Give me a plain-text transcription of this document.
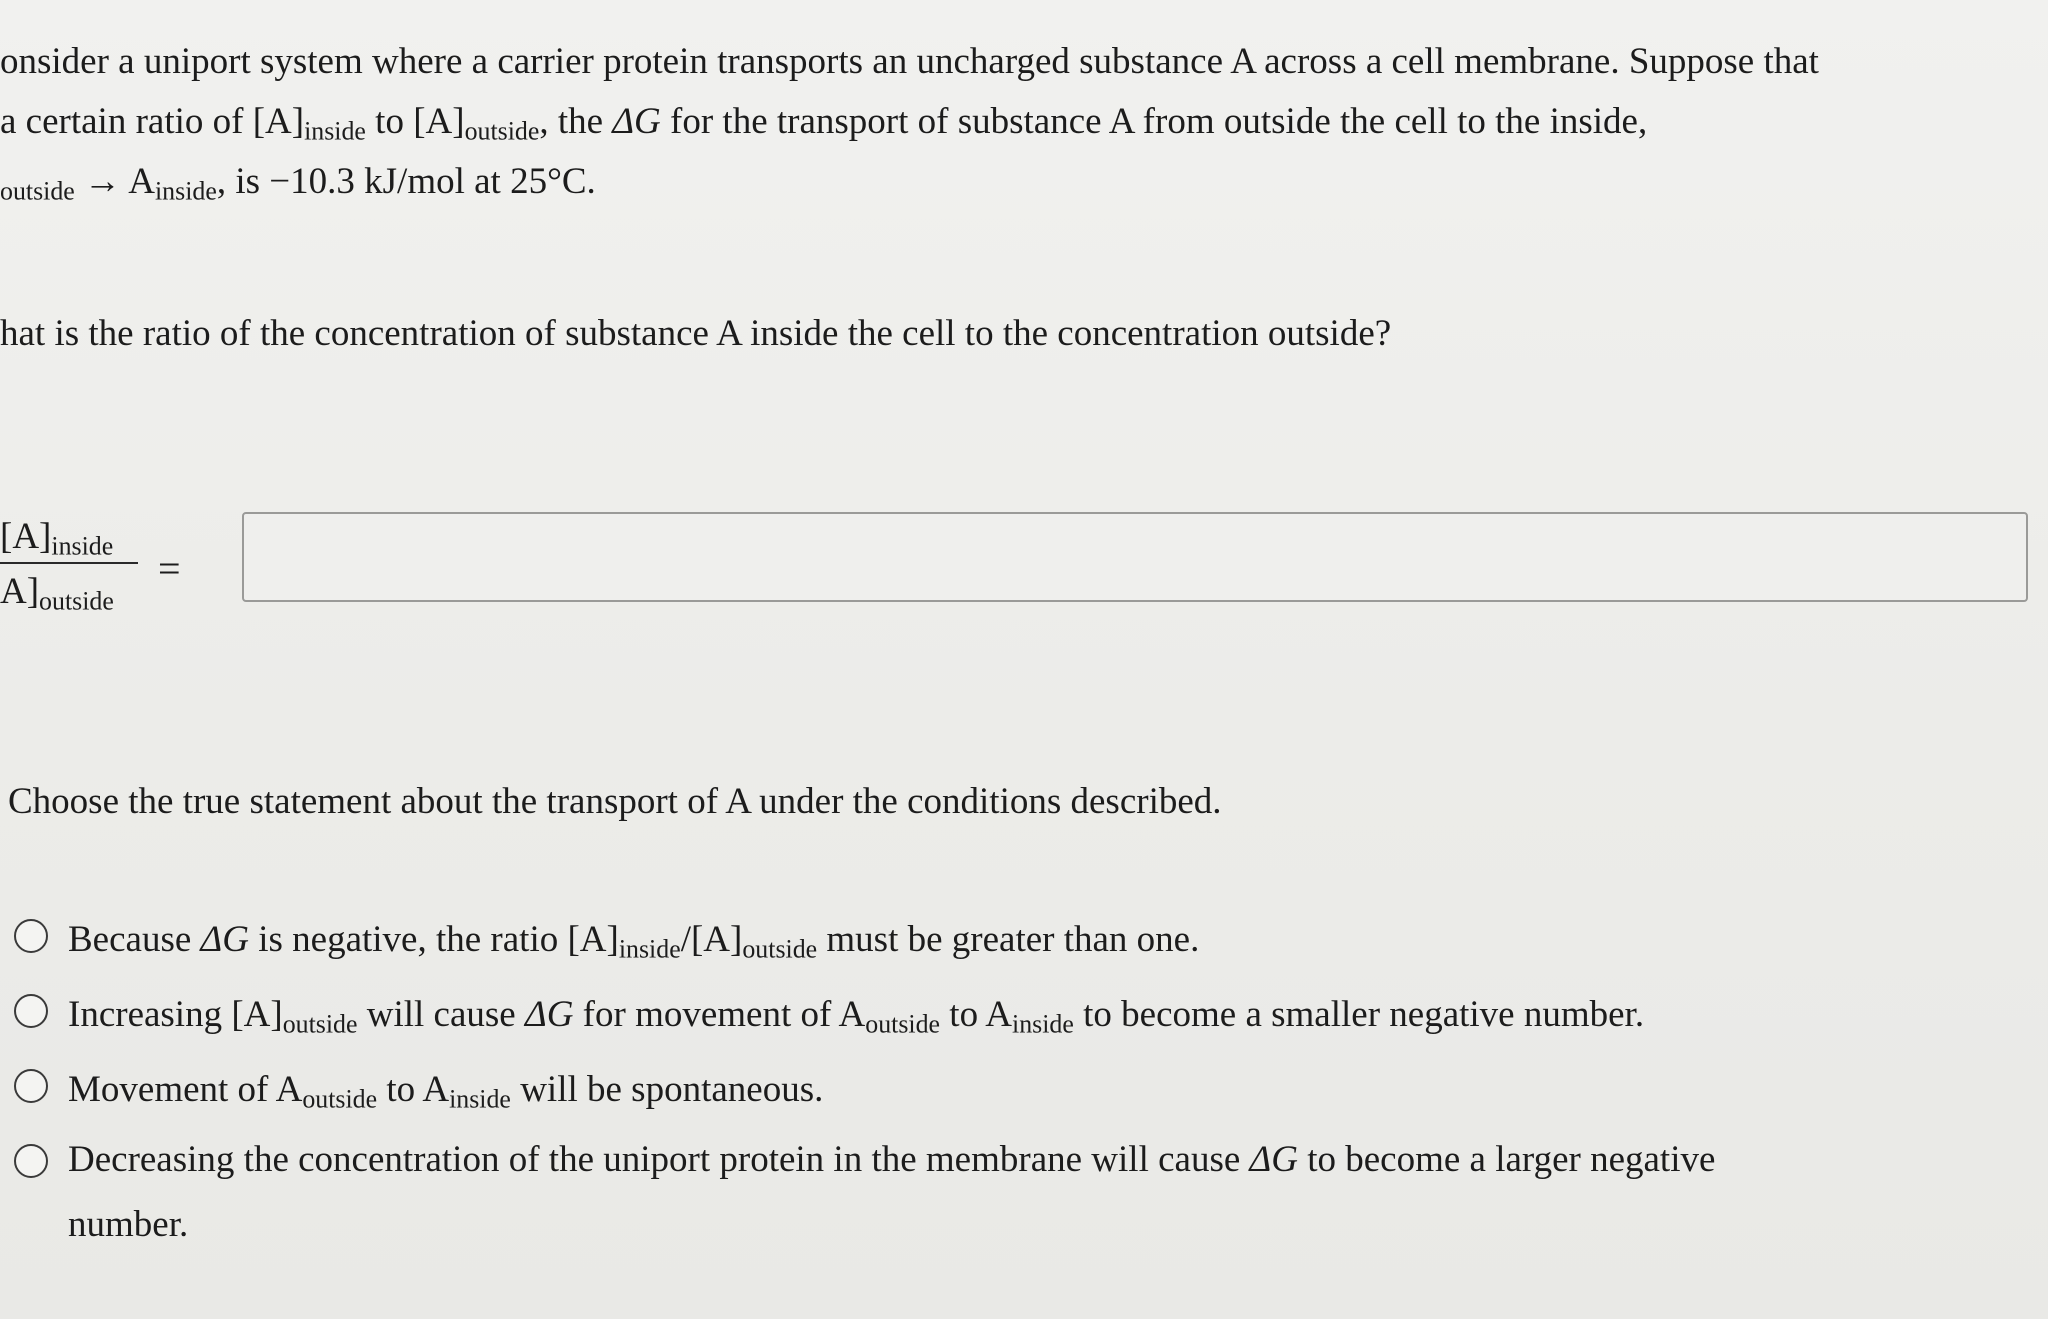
onsider a uniport system where a carrier protein transports an uncharged substance A across a cell membrane. Suppose that
a certain ratio of $[A]_{inside}$ to $[A]_{outside}$, the ΔG for the transport of substance A from outside the cell to the inside,
$_{outside} \to A_{inside}$, is −10.3 kJ/mol at 25°C.
hat is the ratio of the concentration of substance A inside the cell to the concentration outside?
$[A]_{inside}$
$A]_{outside}$
=
Choose the true statement about the transport of A under the conditions described.
Because ΔG is negative, the ratio $[A]_{inside}/[A]_{outside}$ must be greater than one.
Increasing $[A]_{outside}$ will cause ΔG for movement of $A_{outside}$ to $A_{inside}$ to become a smaller negative number.
Movement of $A_{outside}$ to $A_{inside}$ will be spontaneous.
Decreasing the concentration of the uniport protein in the membrane will cause ΔG to become a larger negative number.
